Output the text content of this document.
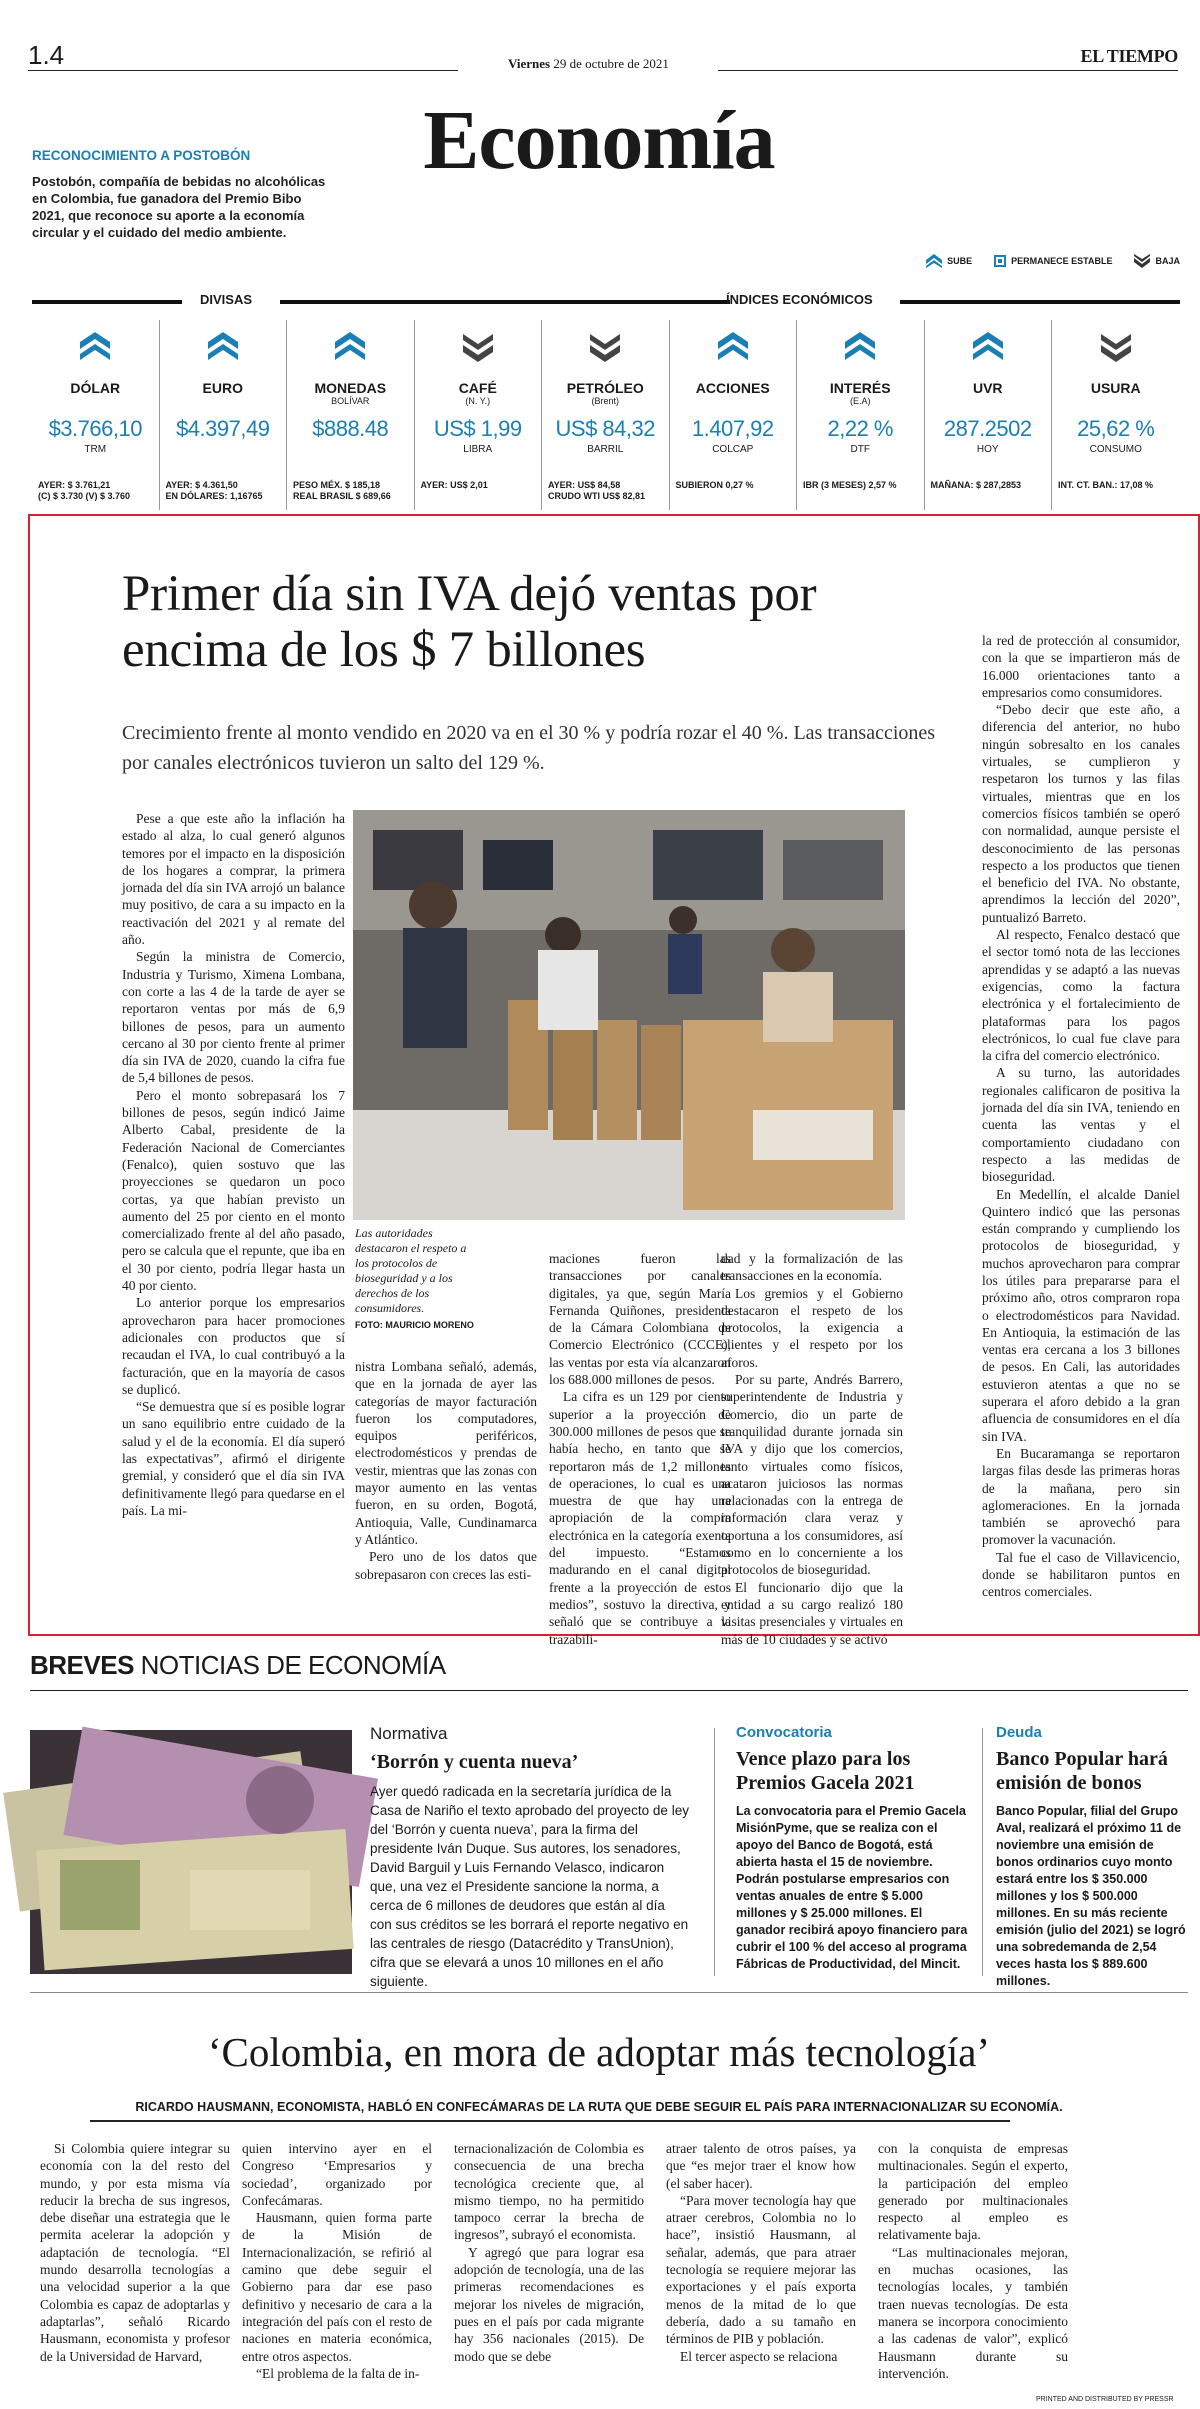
1.4	Viernes 29 de octubre de 2021	EL TIEMPO
Economía
RECONOCIMIENTO A POSTOBÓN

Postobón, compañía de bebidas no alcohólicas en Colombia, fue ganadora del Premio Bibo 2021, que reconoce su aporte a la economía circular y el cuidado del medio ambiente.

SUBE	PERMANECE ESTABLE	BAJA
DIVISAS	ÍNDICES ECONÓMICOS
DÓLAR
$3.766,10
TRM
AYER: $ 3.761,21
(C) $ 3.730 (V) $ 3.760
EURO
$4.397,49
AYER: $ 4.361,50
EN DÓLARES: 1,16765
MONEDAS
BOLÍVAR
$888.48
PESO MÉX. $ 185,18
REAL BRASIL $ 689,66
CAFÉ
(N. Y.)
US$ 1,99
LIBRA
AYER: US$ 2,01
PETRÓLEO
(Brent)
US$ 84,32
BARRIL
AYER: US$ 84,58
CRUDO WTI US$ 82,81
ACCIONES
1.407,92
COLCAP
SUBIERON 0,27 %
INTERÉS
(E.A)
2,22 %
DTF
IBR (3 MESES) 2,57 %
UVR
287.2502
HOY
MAÑANA: $ 287,2853
USURA
25,62 %
CONSUMO
INT. CT. BAN.: 17,08 %
Primer día sin IVA dejó ventas por encima de los $ 7 billones

Crecimiento frente al monto vendido en 2020 va en el 30 % y podría rozar el 40 %. Las transacciones por canales electrónicos tuvieron un salto del 129 %.

Las autoridades destacaron el respeto a los protocolos de bioseguridad y a los derechos de los consumidores.
FOTO: MAURICIO MORENO

Pese a que este año la inflación ha estado al alza, lo cual generó algunos temores por el impacto en la disposición de los hogares a comprar, la primera jornada del día sin IVA arrojó un balance muy positivo, de cara a su impacto en la reactivación del 2021 y al remate del año.

Según la ministra de Comercio, Industria y Turismo, Ximena Lombana, con corte a las 4 de la tarde de ayer se reportaron ventas por más de 6,9 billones de pesos, para un aumento cercano al 30 por ciento frente al primer día sin IVA de 2020, cuando la cifra fue de 5,4 billones de pesos.

Pero el monto sobrepasará los 7 billones de pesos, según indicó Jaime Alberto Cabal, presidente de la Federación Nacional de Comerciantes (Fenalco), quien sostuvo que las proyecciones se quedaron un poco cortas, ya que habían previsto un aumento del 25 por ciento en el monto comercializado frente al del año pasado, pero se calcula que el repunte, que iba en el 30 por ciento, podría llegar hasta un 40 por ciento.

Lo anterior porque los empresarios aprovecharon para hacer promociones adicionales con productos que sí recaudan el IVA, lo cual contribuyó a la facturación, que en la mayoría de casos se duplicó.

“Se demuestra que sí es posible lograr un sano equilibrio entre cuidado de la salud y el de la economía. El día superó las expectativas”, afirmó el dirigente gremial, y consideró que el día sin IVA definitivamente llegó para quedarse en el país. La mi-

nistra Lombana señaló, además, que en la jornada de ayer las categorías de mayor facturación fueron los computadores, equipos periféricos, electrodomésticos y prendas de vestir, mientras que las zonas con mayor aumento en las ventas fueron, en su orden, Bogotá, Antioquia, Valle, Cundinamarca y Atlántico.

Pero uno de los datos que sobrepasaron con creces las esti-

maciones fueron las transacciones por canales digitales, ya que, según María Fernanda Quiñones, presidenta de la Cámara Colombiana de Comercio Electrónico (CCCE), las ventas por esta vía alcanzaron los 688.000 millones de pesos.

La cifra es un 129 por ciento superior a la proyección de 300.000 millones de pesos que se había hecho, en tanto que se reportaron más de 1,2 millones de operaciones, lo cual es una muestra de que hay una apropiación de la compra electrónica en la categoría exenta del impuesto. “Estamos madurando en el canal digital frente a la proyección de estos medios”, sostuvo la directiva, y señaló que se contribuye a la trazabili-

dad y la formalización de las transacciones en la economía.

Los gremios y el Gobierno destacaron el respeto de los protocolos, la exigencia a clientes y el respeto por los aforos.

Por su parte, Andrés Barrero, superintendente de Industria y Comercio, dio un parte de tranquilidad durante jornada sin IVA y dijo que los comercios, tanto virtuales como físicos, acataron juiciosos las normas relacionadas con la entrega de información clara veraz y oportuna a los consumidores, así como en lo concerniente a los protocolos de bioseguridad.

El funcionario dijo que la entidad a su cargo realizó 180 visitas presenciales y virtuales en más de 10 ciudades y se activó

la red de protección al consumidor, con la que se impartieron más de 16.000 orientaciones tanto a empresarios como consumidores.

“Debo decir que este año, a diferencia del anterior, no hubo ningún sobresalto en los canales virtuales, se cumplieron y respetaron los turnos y las filas virtuales, mientras que en los comercios físicos también se operó con normalidad, aunque persiste el desconocimiento de las personas respecto a los productos que tienen el beneficio del IVA. No obstante, aprendimos la lección del 2020”, puntualizó Barreto.

Al respecto, Fenalco destacó que el sector tomó nota de las lecciones aprendidas y se adaptó a las nuevas exigencias, como la factura electrónica y el fortalecimiento de plataformas para los pagos electrónicos, lo cual fue clave para la cifra del comercio electrónico.

A su turno, las autoridades regionales calificaron de positiva la jornada del día sin IVA, teniendo en cuenta las ventas y el comportamiento ciudadano con respecto a las medidas de bioseguridad.

En Medellín, el alcalde Daniel Quintero indicó que las personas están comprando y cumpliendo los protocolos de bioseguridad, y muchos aprovecharon para comprar los útiles para prepararse para el próximo año, otros compraron ropa o electrodomésticos para Navidad. En Antioquia, la estimación de las ventas era cercana a los 3 billones de pesos. En Cali, las autoridades estuvieron atentas a que no se superara el aforo debido a la gran afluencia de consumidores en el día sin IVA.

En Bucaramanga se reportaron largas filas desde las primeras horas de la mañana, pero sin aglomeraciones. En la jornada también se aprovechó para promover la vacunación.

Tal fue el caso de Villavicencio, donde se habilitaron puntos en centros comerciales.

BREVES NOTICIAS DE ECONOMÍA
Normativa
‘Borrón y cuenta nueva’
Ayer quedó radicada en la secretaría jurídica de la Casa de Nariño el texto aprobado del proyecto de ley del ‘Borrón y cuenta nueva’, para la firma del presidente Iván Duque. Sus autores, los senadores, David Barguil y Luis Fernando Velasco, indicaron que, una vez el Presidente sancione la norma, a cerca de 6 millones de deudores que están al día con sus créditos se les borrará el reporte negativo en las centrales de riesgo (Datacrédito y TransUnion), cifra que se elevará a unos 10 millones en el año siguiente.
Convocatoria
Vence plazo para los Premios Gacela 2021
La convocatoria para el Premio Gacela MisiónPyme, que se realiza con el apoyo del Banco de Bogotá, está abierta hasta el 15 de noviembre. Podrán postularse empresarios con ventas anuales de entre $ 5.000 millones y $ 25.000 millones. El ganador recibirá apoyo financiero para cubrir el 100 % del acceso al programa Fábricas de Productividad, del Mincit.
Deuda
Banco Popular hará emisión de bonos
Banco Popular, filial del Grupo Aval, realizará el próximo 11 de noviembre una emisión de bonos ordinarios cuyo monto estará entre los $ 350.000 millones y los $ 500.000 millones. En su más reciente emisión (julio del 2021) se logró una sobredemanda de 2,54 veces hasta los $ 889.600 millones.
‘Colombia, en mora de adoptar más tecnología’
RICARDO HAUSMANN, ECONOMISTA, HABLÓ EN CONFECÁMARAS DE LA RUTA QUE DEBE SEGUIR EL PAÍS PARA INTERNACIONALIZAR SU ECONOMÍA.

Si Colombia quiere integrar su economía con la del resto del mundo, y por esta misma vía reducir la brecha de sus ingresos, debe diseñar una estrategia que le permita acelerar la adopción y adaptación de tecnología. “El mundo desarrolla tecnologías a una velocidad superior a la que Colombia es capaz de adoptarlas y adaptarlas”, señaló Ricardo Hausmann, economista y profesor de la Universidad de Harvard,

quien intervino ayer en el Congreso ‘Empresarios y sociedad’, organizado por Confecámaras.

Hausmann, quien forma parte de la Misión de Internacionalización, se refirió al camino que debe seguir el Gobierno para dar ese paso definitivo y necesario de cara a la integración del país con el resto de naciones en materia económica, entre otros aspectos.

“El problema de la falta de in-

ternacionalización de Colombia es consecuencia de una brecha tecnológica creciente que, al mismo tiempo, no ha permitido tampoco cerrar la brecha de ingresos”, subrayó el economista.

Y agregó que para lograr esa adopción de tecnología, una de las primeras recomendaciones es mejorar los niveles de migración, pues en el país por cada migrante hay 356 nacionales (2015). De modo que se debe

atraer talento de otros países, ya que “es mejor traer el know how (el saber hacer).

“Para mover tecnología hay que atraer cerebros, Colombia no lo hace”, insistió Hausmann, al señalar, además, que para atraer tecnología se requiere mejorar las exportaciones y el país exporta menos de la mitad de lo que debería, dado a su tamaño en términos de PIB y población.

El tercer aspecto se relaciona

con la conquista de empresas multinacionales. Según el experto, la participación del empleo generado por multinacionales respecto al empleo es relativamente baja.

“Las multinacionales mejoran, en muchas ocasiones, las tecnologías locales, y también traen nuevas tecnologías. De esta manera se incorpora conocimiento a las cadenas de valor”, explicó Hausmann durante su intervención.

PRINTED AND DISTRIBUTED BY PRESSR
